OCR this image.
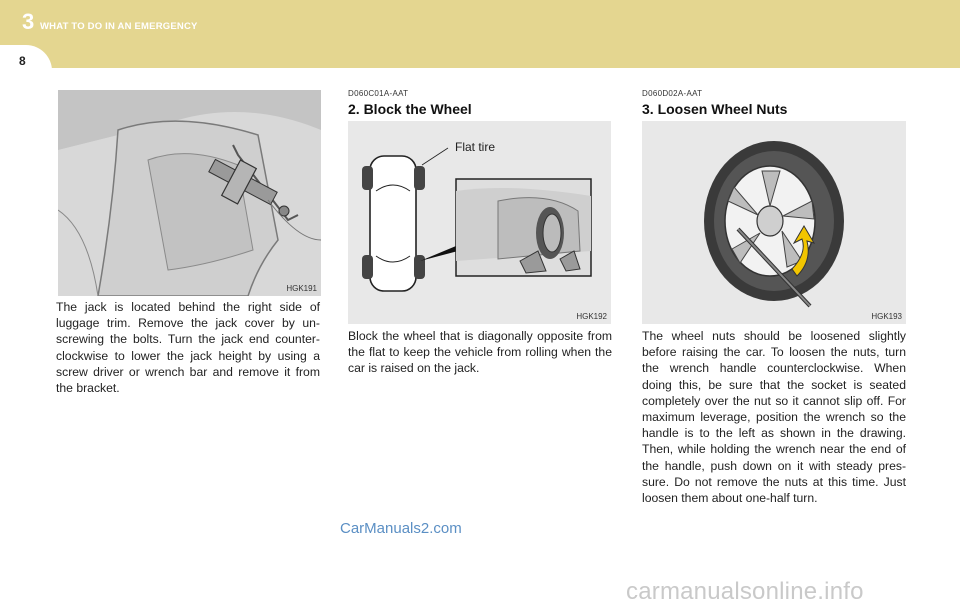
3 WHAT TO DO IN AN EMERGENCY
8
HGK191

The jack is located behind the right side of luggage trim. Remove the jack cover by un-screwing the bolts. Turn the jack end counter-clockwise to lower the jack height by using a screw driver or wrench bar and remove it from the bracket.

D060C01A-AAT
2. Block the Wheel
Flat tire
HGK192

Block the wheel that is diagonally opposite from the flat to keep the vehicle from rolling when the car is raised on the jack.

D060D02A-AAT
3. Loosen Wheel Nuts
HGK193

The wheel nuts should be loosened slightly before raising the car. To loosen the nuts, turn the wrench handle counterclockwise. When doing this, be sure that the socket is seated completely over the nut so it cannot slip off. For maximum leverage, position the wrench so the handle is to the left as shown in the drawing. Then, while holding the wrench near the end of the handle, push down on it with steady pres-sure. Do not remove the nuts at this time. Just loosen them about one-half turn.

CarManuals2.com
carmanualsonline.info
